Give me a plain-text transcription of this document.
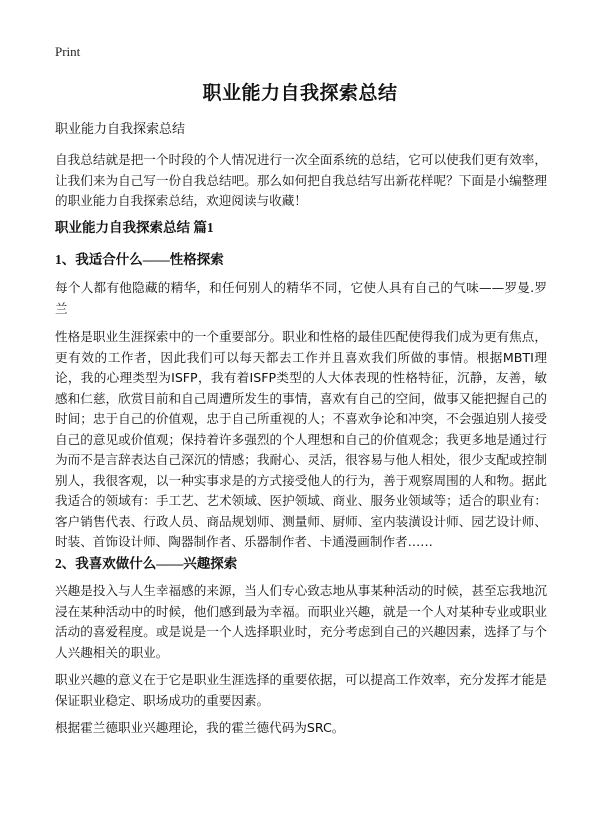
Print
职业能力自我探索总结
职业能力自我探索总结

自我总结就是把一个时段的个人情况进行一次全面系统的总结，它可以使我们更有效率，让我们来为自己写一份自我总结吧。那么如何把自我总结写出新花样呢？下面是小编整理的职业能力自我探索总结，欢迎阅读与收藏！

职业能力自我探索总结 篇1
1、我适合什么——性格探索

每个人都有他隐藏的精华，和任何别人的精华不同，它使人具有自己的气味——罗曼.罗兰

性格是职业生涯探索中的一个重要部分。职业和性格的最佳匹配使得我们成为更有焦点，更有效的工作者，因此我们可以每天都去工作并且喜欢我们所做的事情。根据MBTI理论，我的心理类型为ISFP，我有着ISFP类型的人大体表现的性格特征，沉静，友善，敏感和仁慈，欣赏目前和自己周遭所发生的事情，喜欢有自己的空间，做事又能把握自己的时间；忠于自己的价值观，忠于自己所重视的人；不喜欢争论和冲突，不会强迫别人接受自己的意见或价值观；保持着许多强烈的个人理想和自己的价值观念；我更多地是通过行为而不是言辞表达自己深沉的情感；我耐心、灵活，很容易与他人相处，很少支配或控制别人，我很客观，以一种实事求是的方式接受他人的行为，善于观察周围的人和物。据此我适合的领域有：手工艺、艺术领域、医护领域、商业、服务业领域等；适合的职业有：客户销售代表、行政人员、商品规划师、测量师、厨师、室内装潢设计师、园艺设计师、时装、首饰设计师、陶器制作者、乐器制作者、卡通漫画制作者……

2、我喜欢做什么——兴趣探索

兴趣是投入与人生幸福感的来源，当人们专心致志地从事某种活动的时候，甚至忘我地沉浸在某种活动中的时候，他们感到最为幸福。而职业兴趣，就是一个人对某种专业或职业活动的喜爱程度。或是说是一个人选择职业时，充分考虑到自己的兴趣因素，选择了与个人兴趣相关的职业。

职业兴趣的意义在于它是职业生涯选择的重要依据，可以提高工作效率，充分发挥才能是保证职业稳定、职场成功的重要因素。

根据霍兰德职业兴趣理论，我的霍兰德代码为SRC。
